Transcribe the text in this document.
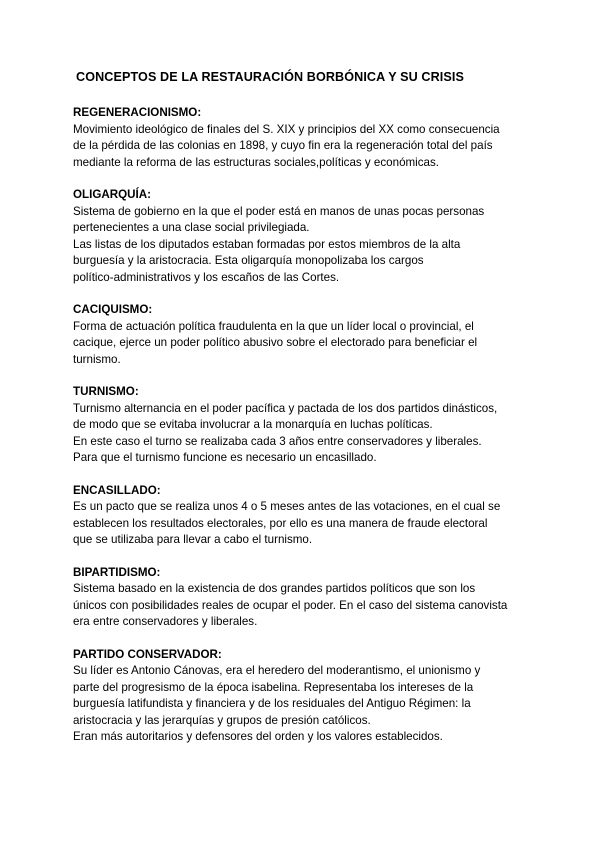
CONCEPTOS DE LA RESTAURACIÓN BORBÓNICA Y SU CRISIS
REGENERACIONISMO:
Movimiento ideológico de finales del S. XIX y principios del XX como consecuencia
de la pérdida de las colonias en 1898, y cuyo fin era la regeneración total del país
mediante la reforma de las estructuras sociales,políticas y económicas.
OLIGARQUÍA:
Sistema de gobierno en la que el poder está en manos de unas pocas personas
pertenecientes a una clase social privilegiada.
Las listas de los diputados estaban formadas por estos miembros de la alta
burguesía y la aristocracia. Esta oligarquía monopolizaba los cargos
político-administrativos y los escaños de las Cortes.
CACIQUISMO:
Forma de actuación política fraudulenta en la que un líder local o provincial, el
cacique, ejerce un poder político abusivo sobre el electorado para beneficiar el
turnismo.
TURNISMO:
Turnismo alternancia en el poder pacífica y pactada de los dos partidos dinásticos,
de modo que se evitaba involucrar a la monarquía en luchas políticas.
En este caso el turno se realizaba cada 3 años entre conservadores y liberales.
Para que el turnismo funcione es necesario un encasillado.
ENCASILLADO:
Es un pacto que se realiza unos 4 o 5 meses antes de las votaciones, en el cual se
establecen los resultados electorales, por ello es una manera de fraude electoral
que se utilizaba para llevar a cabo el turnismo.
BIPARTIDISMO:
Sistema basado en la existencia de dos grandes partidos políticos que son los
únicos con posibilidades reales de ocupar el poder. En el caso del sistema canovista
era entre conservadores y liberales.
PARTIDO CONSERVADOR:
Su líder es Antonio Cánovas, era el heredero del moderantismo, el unionismo y
parte del progresismo de la época isabelina. Representaba los intereses de la
burguesía latifundista y financiera y de los residuales del Antiguo Régimen: la
aristocracia y las jerarquías y grupos de presión católicos.
Eran más autoritarios y defensores del orden y los valores establecidos.
